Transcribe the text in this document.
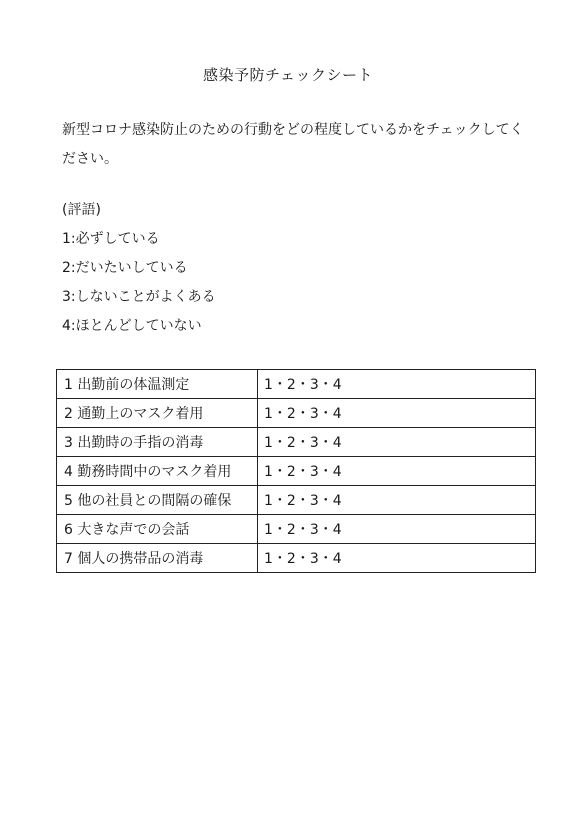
感染予防チェックシート
新型コロナ感染防止のための行動をどの程度しているかをチェックしてください。
(評語)
1:必ずしている
2:だいたいしている
3:しないことがよくある
4:ほとんどしていない
1 出勤前の体温測定	1・2・3・4
2 通勤上のマスク着用	1・2・3・4
3 出勤時の手指の消毒	1・2・3・4
4 勤務時間中のマスク着用	1・2・3・4
5 他の社員との間隔の確保	1・2・3・4
6 大きな声での会話	1・2・3・4
7 個人の携帯品の消毒	1・2・3・4
